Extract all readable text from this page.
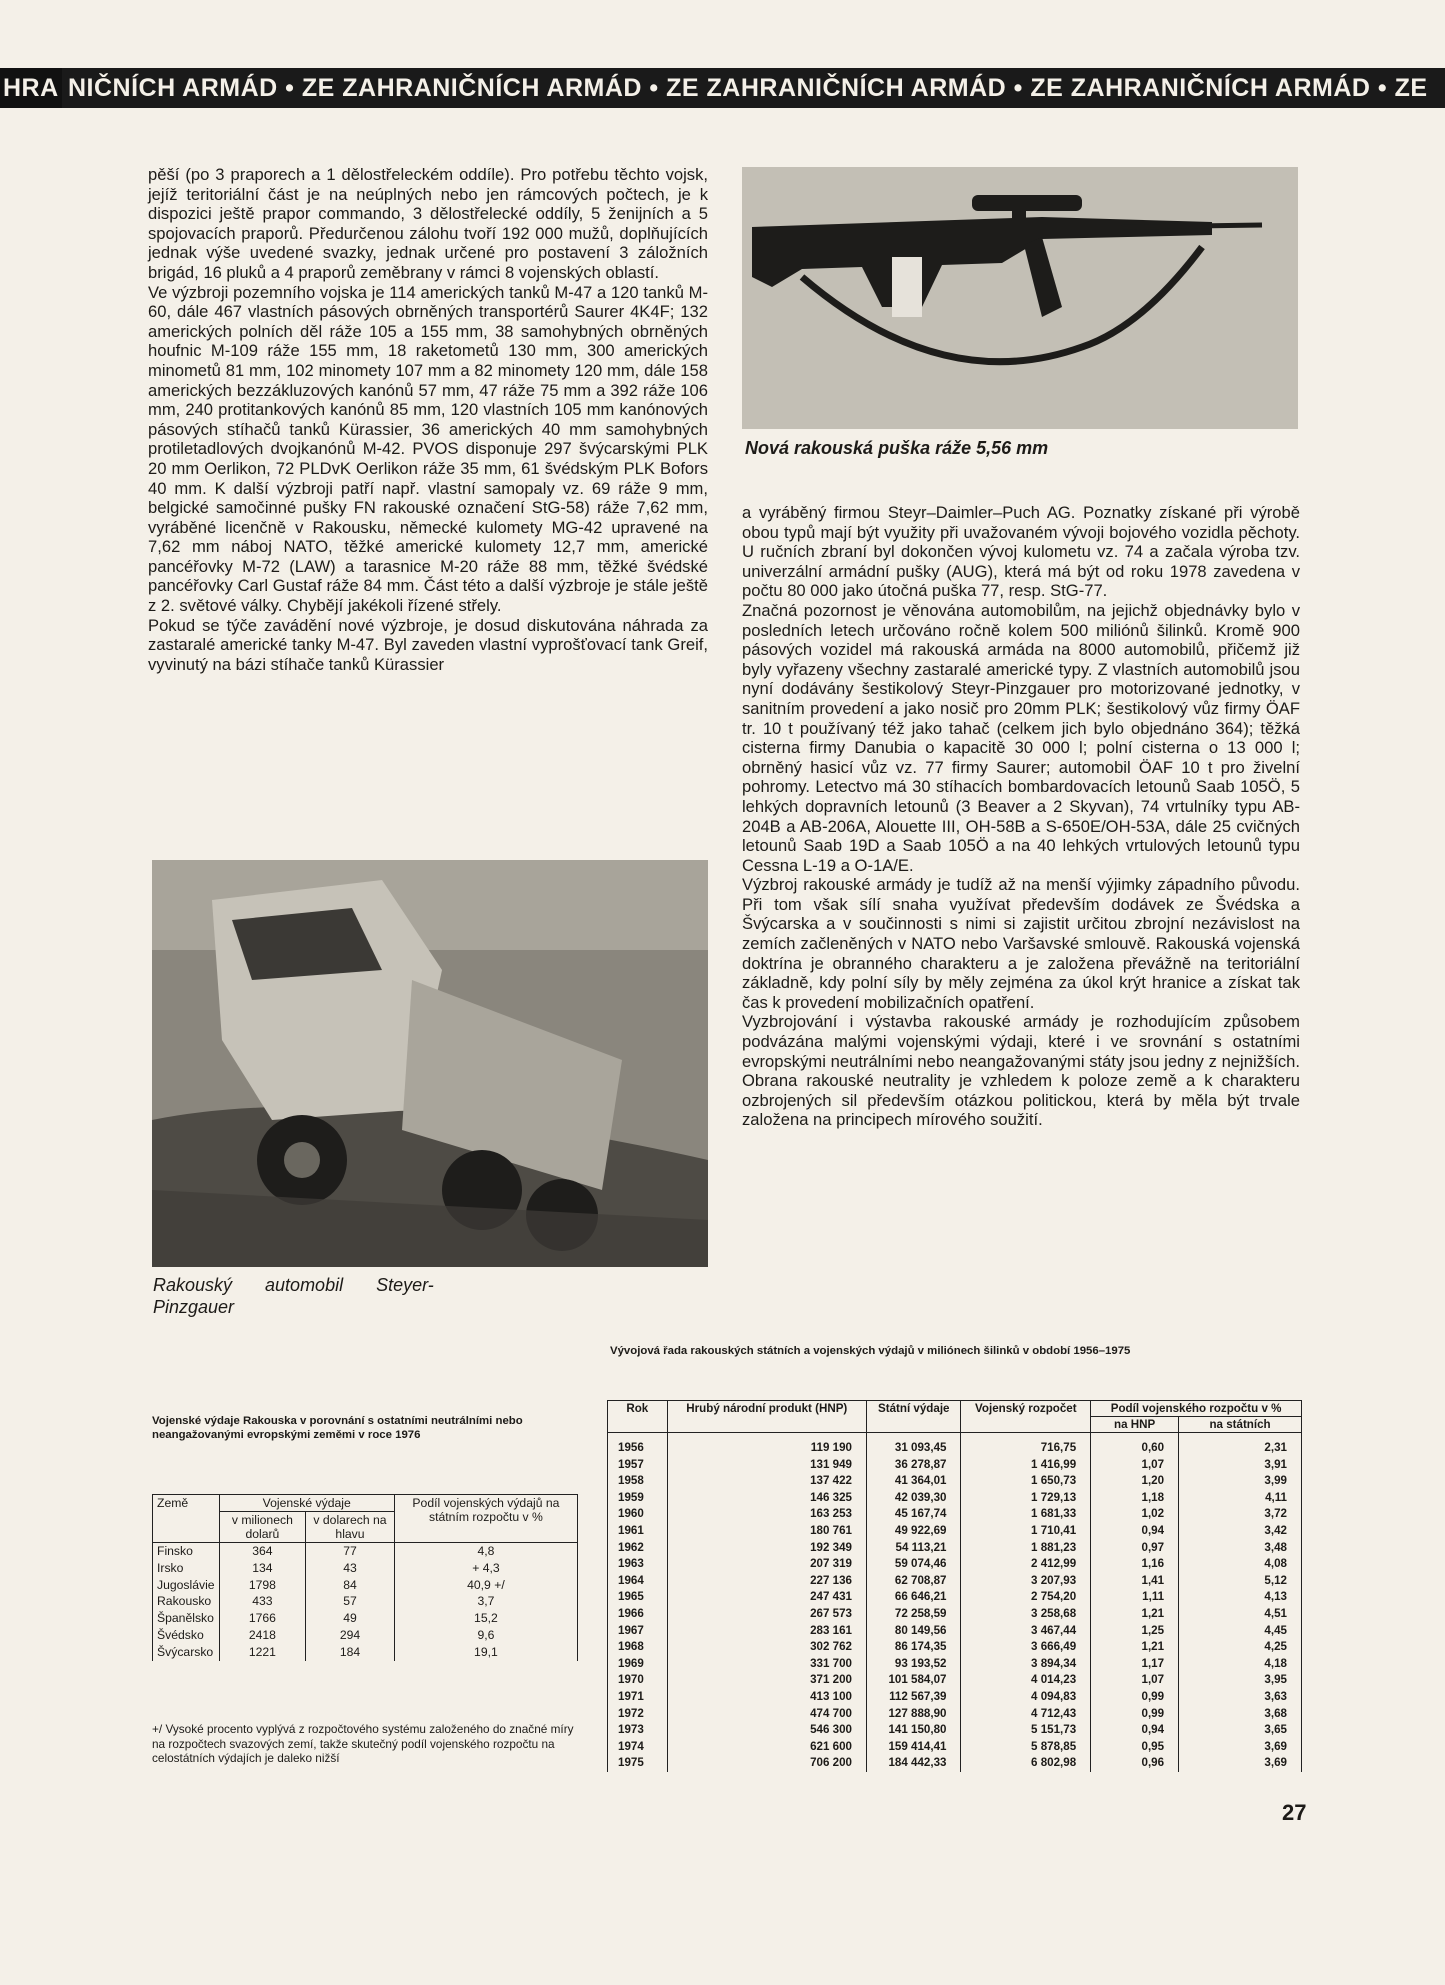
HRA NIČNÍCH ARMÁD • ZE ZAHRANIČNÍCH ARMÁD • ZE ZAHRANIČNÍCH ARMÁD • ZE ZAHRANIČNÍCH ARMÁD • ZE

pěší (po 3 praporech a 1 dělostřeleckém oddíle). Pro potřebu těchto vojsk, jejíž teritoriální část je na neúplných nebo jen rámcových počtech, je k dispozici ještě prapor commando, 3 dělostřelecké oddíly, 5 ženijních a 5 spojovacích praporů. Předurčenou zálohu tvoří 192 000 mužů, doplňujících jednak výše uvedené svazky, jednak určené pro postavení 3 záložních brigád, 16 pluků a 4 praporů zeměbrany v rámci 8 vojenských oblastí.

Ve výzbroji pozemního vojska je 114 amerických tanků M-47 a 120 tanků M-60, dále 467 vlastních pásových obrněných transportérů Saurer 4K4F; 132 amerických polních děl ráže 105 a 155 mm, 38 samohybných obrněných houfnic M-109 ráže 155 mm, 18 raketometů 130 mm, 300 amerických minometů 81 mm, 102 minomety 107 mm a 82 minomety 120 mm, dále 158 amerických bezzákluzových kanónů 57 mm, 47 ráže 75 mm a 392 ráže 106 mm, 240 protitankových kanónů 85 mm, 120 vlastních 105 mm kanónových pásových stíhačů tanků Kürassier, 36 amerických 40 mm samohybných protiletadlových dvojkanónů M-42. PVOS disponuje 297 švýcarskými PLK 20 mm Oerlikon, 72 PLDvK Oerlikon ráže 35 mm, 61 švédským PLK Bofors 40 mm. K další výzbroji patří např. vlastní samopaly vz. 69 ráže 9 mm, belgické samočinné pušky FN rakouské označení StG-58) ráže 7,62 mm, vyráběné licenčně v Rakousku, německé kulomety MG-42 upravené na 7,62 mm náboj NATO, těžké americké kulomety 12,7 mm, americké pancéřovky M-72 (LAW) a tarasnice M-20 ráže 88 mm, těžké švédské pancéřovky Carl Gustaf ráže 84 mm. Část této a další výzbroje je stále ještě z 2. světové války. Chybějí jakékoli řízené střely.

Pokud se týče zavádění nové výzbroje, je dosud diskutována náhrada za zastaralé americké tanky M-47. Byl zaveden vlastní vyprošťovací tank Greif, vyvinutý na bázi stíhače tanků Kürassier

Nová rakouská puška ráže 5,56 mm

a vyráběný firmou Steyr–Daimler–Puch AG. Poznatky získané při výrobě obou typů mají být využity při uvažovaném vývoji bojového vozidla pěchoty. U ručních zbraní byl dokončen vývoj kulometu vz. 74 a začala výroba tzv. univerzální armádní pušky (AUG), která má být od roku 1978 zavedena v počtu 80 000 jako útočná puška 77, resp. StG-77.

Značná pozornost je věnována automobilům, na jejichž objednávky bylo v posledních letech určováno ročně kolem 500 miliónů šilinků. Kromě 900 pásových vozidel má rakouská armáda na 8000 automobilů, přičemž již byly vyřazeny všechny zastaralé americké typy. Z vlastních automobilů jsou nyní dodávány šestikolový Steyr-Pinzgauer pro motorizované jednotky, v sanitním provedení a jako nosič pro 20mm PLK; šestikolový vůz firmy ÖAF tr. 10 t používaný též jako tahač (celkem jich bylo objednáno 364); těžká cisterna firmy Danubia o kapacitě 30 000 l; polní cisterna o 13 000 l; obrněný hasicí vůz vz. 77 firmy Saurer; automobil ÖAF 10 t pro živelní pohromy. Letectvo má 30 stíhacích bombardovacích letounů Saab 105Ö, 5 lehkých dopravních letounů (3 Beaver a 2 Skyvan), 74 vrtulníky typu AB-204B a AB-206A, Alouette III, OH-58B a S-650E/OH-53A, dále 25 cvičných letounů Saab 19D a Saab 105Ö a na 40 lehkých vrtulových letounů typu Cessna L-19 a O-1A/E.

Výzbroj rakouské armády je tudíž až na menší výjimky západního původu. Při tom však sílí snaha využívat především dodávek ze Švédska a Švýcarska a v součinnosti s nimi si zajistit určitou zbrojní nezávislost na zemích začleněných v NATO nebo Varšavské smlouvě. Rakouská vojenská doktrína je obranného charakteru a je založena převážně na teritoriální základně, kdy polní síly by měly zejména za úkol krýt hranice a získat tak čas k provedení mobilizačních opatření.

Vyzbrojování i výstavba rakouské armády je rozhodujícím způsobem podvázána malými vojenskými výdaji, které i ve srovnání s ostatními evropskými neutrálními nebo neangažovanými státy jsou jedny z nejnižších. Obrana rakouské neutrality je vzhledem k poloze země a k charakteru ozbrojených sil především otázkou politickou, která by měla být trvale založena na principech mírového soužití.

Rakouský automobil Steyer-Pinzgauer
Vývojová řada rakouských státních a vojenských výdajů v miliónech šilinků v období 1956–1975
Vojenské výdaje Rakouska v porovnání s ostatními neutrálními nebo neangažovanými evropskými zeměmi v roce 1976
Země	Vojenské výdaje		Podíl vojenských výdajů na státním rozpočtu v %
	v milionech dolarů	v dolarech na hlavu	
Finsko	364	77	4,8
Irsko	134	43	+ 4,3
Jugoslávie	1798	84	40,9 +/
Rakousko	433	57	3,7
Španělsko	1766	49	15,2
Švédsko	2418	294	9,6
Švýcarsko	1221	184	19,1
+/ Vysoké procento vyplývá z rozpočtového systému založeného do značné míry na rozpočtech svazových zemí, takže skutečný podíl vojenského rozpočtu na celostátních výdajích je daleko nižší
Rok	Hrubý národní produkt (HNP)	Státní výdaje	Vojenský rozpočet	Podíl vojenského rozpočtu v %	
				na HNP	na státních
1956	119 190	31 093,45	716,75	0,60	2,31
1957	131 949	36 278,87	1 416,99	1,07	3,91
1958	137 422	41 364,01	1 650,73	1,20	3,99
1959	146 325	42 039,30	1 729,13	1,18	4,11
1960	163 253	45 167,74	1 681,33	1,02	3,72
1961	180 761	49 922,69	1 710,41	0,94	3,42
1962	192 349	54 113,21	1 881,23	0,97	3,48
1963	207 319	59 074,46	2 412,99	1,16	4,08
1964	227 136	62 708,87	3 207,93	1,41	5,12
1965	247 431	66 646,21	2 754,20	1,11	4,13
1966	267 573	72 258,59	3 258,68	1,21	4,51
1967	283 161	80 149,56	3 467,44	1,25	4,45
1968	302 762	86 174,35	3 666,49	1,21	4,25
1969	331 700	93 193,52	3 894,34	1,17	4,18
1970	371 200	101 584,07	4 014,23	1,07	3,95
1971	413 100	112 567,39	4 094,83	0,99	3,63
1972	474 700	127 888,90	4 712,43	0,99	3,68
1973	546 300	141 150,80	5 151,73	0,94	3,65
1974	621 600	159 414,41	5 878,85	0,95	3,69
1975	706 200	184 442,33	6 802,98	0,96	3,69
27
